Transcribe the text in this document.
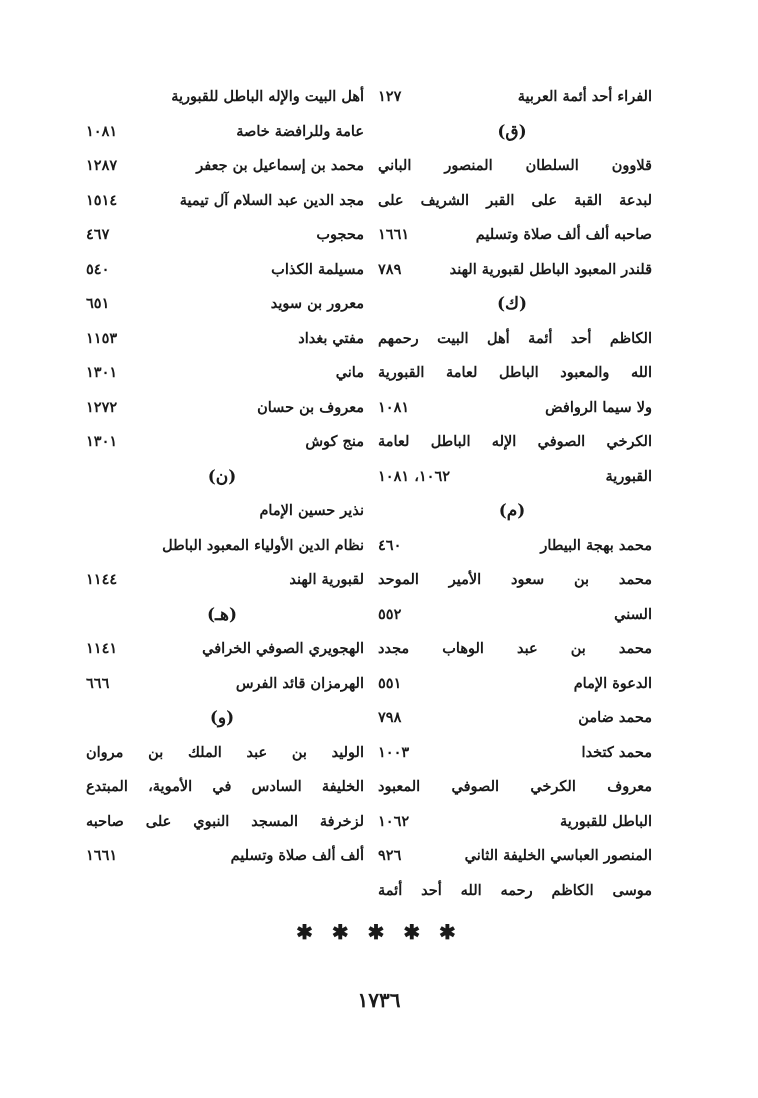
الفراء أحد أئمة العربية
١٢٧
(ق)
قلاوون السلطان المنصور الباني
لبدعة القبة على القبر الشريف على
صاحبه ألف ألف صلاة وتسليم
١٦٦١
قلندر المعبود الباطل لقبورية الهند
٧٨٩
(ك)
الكاظم أحد أئمة أهل البيت رحمهم
الله والمعبود الباطل لعامة القبورية
ولا سيما الروافض
١٠٨١
الكرخي الصوفي الإله الباطل لعامة
القبورية
١٠٦٢، ١٠٨١
(م)
محمد بهجة البيطار
٤٦٠
محمد بن سعود الأمير الموحد
السني
٥٥٢
محمد بن عبد الوهاب مجدد
الدعوة الإمام
٥٥١
محمد ضامن
٧٩٨
محمد كتخدا
١٠٠٣
معروف الكرخي الصوفي المعبود
الباطل للقبورية
١٠٦٢
المنصور العباسي الخليفة الثاني
٩٢٦
موسى الكاظم رحمه الله أحد أئمة
أهل البيت والإله الباطل للقبورية
عامة وللرافضة خاصة
١٠٨١
محمد بن إسماعيل بن جعفر
١٢٨٧
مجد الدين عبد السلام آل تيمية
١٥١٤
محجوب
٤٦٧
مسيلمة الكذاب
٥٤٠
معرور بن سويد
٦٥١
مفتي بغداد
١١٥٣
ماني
١٣٠١
معروف بن حسان
١٢٧٢
منج كوش
١٣٠١
(ن)
نذير حسين الإمام
نظام الدين الأولياء المعبود الباطل
لقبورية الهند
١١٤٤
(هـ)
الهجويري الصوفي الخرافي
١١٤١
الهرمزان قائد الفرس
٦٦٦
(و)
الوليد بن عبد الملك بن مروان
الخليفة السادس في الأموية، المبتدع
لزخرفة المسجد النبوي على صاحبه
ألف ألف صلاة وتسليم
١٦٦١
✱ ✱ ✱ ✱ ✱
١٧٣٦
